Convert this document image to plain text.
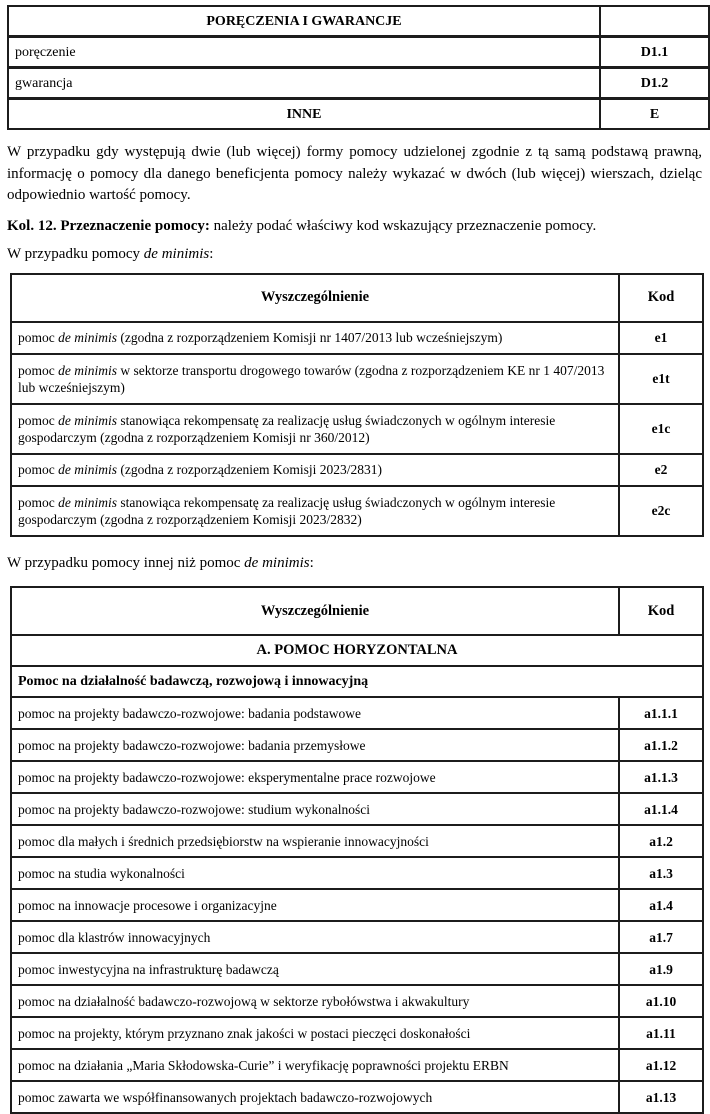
PORĘCZENIA I GWARANCJE	
poręczenie	D1.1
gwarancja	D1.2
INNE	E

W przypadku gdy występują dwie (lub więcej) formy pomocy udzielonej zgodnie z tą samą podstawą prawną, informację o pomocy dla danego beneficjenta pomocy należy wykazać w dwóch (lub więcej) wierszach, dzieląc odpowiednio wartość pomocy.

Kol. 12. Przeznaczenie pomocy: należy podać właściwy kod wskazujący przeznaczenie pomocy.

W przypadku pomocy de minimis:

Wyszczególnienie	Kod
pomoc de minimis (zgodna z rozporządzeniem Komisji nr 1407/2013 lub wcześniejszym)	e1
pomoc de minimis w sektorze transportu drogowego towarów (zgodna z rozporządzeniem KE nr 1 407/2013 lub wcześniejszym)	e1t
pomoc de minimis stanowiąca rekompensatę za realizację usług świadczonych w ogólnym interesie gospodarczym (zgodna z rozporządzeniem Komisji nr 360/2012)	e1c
pomoc de minimis (zgodna z rozporządzeniem Komisji 2023/2831)	e2
pomoc de minimis stanowiąca rekompensatę za realizację usług świadczonych w ogólnym interesie gospodarczym (zgodna z rozporządzeniem Komisji 2023/2832)	e2c

W przypadku pomocy innej niż pomoc de minimis:

Wyszczególnienie	Kod
A. POMOC HORYZONTALNA	
Pomoc na działalność badawczą, rozwojową i innowacyjną	
pomoc na projekty badawczo-rozwojowe: badania podstawowe	a1.1.1
pomoc na projekty badawczo-rozwojowe: badania przemysłowe	a1.1.2
pomoc na projekty badawczo-rozwojowe: eksperymentalne prace rozwojowe	a1.1.3
pomoc na projekty badawczo-rozwojowe: studium wykonalności	a1.1.4
pomoc dla małych i średnich przedsiębiorstw na wspieranie innowacyjności	a1.2
pomoc na studia wykonalności	a1.3
pomoc na innowacje procesowe i organizacyjne	a1.4
pomoc dla klastrów innowacyjnych	a1.7
pomoc inwestycyjna na infrastrukturę badawczą	a1.9
pomoc na działalność badawczo-rozwojową w sektorze rybołówstwa i akwakultury	a1.10
pomoc na projekty, którym przyznano znak jakości w postaci pieczęci doskonałości	a1.11
pomoc na działania „Maria Skłodowska-Curie” i weryfikację poprawności projektu ERBN	a1.12
pomoc zawarta we współfinansowanych projektach badawczo-rozwojowych	a1.13
